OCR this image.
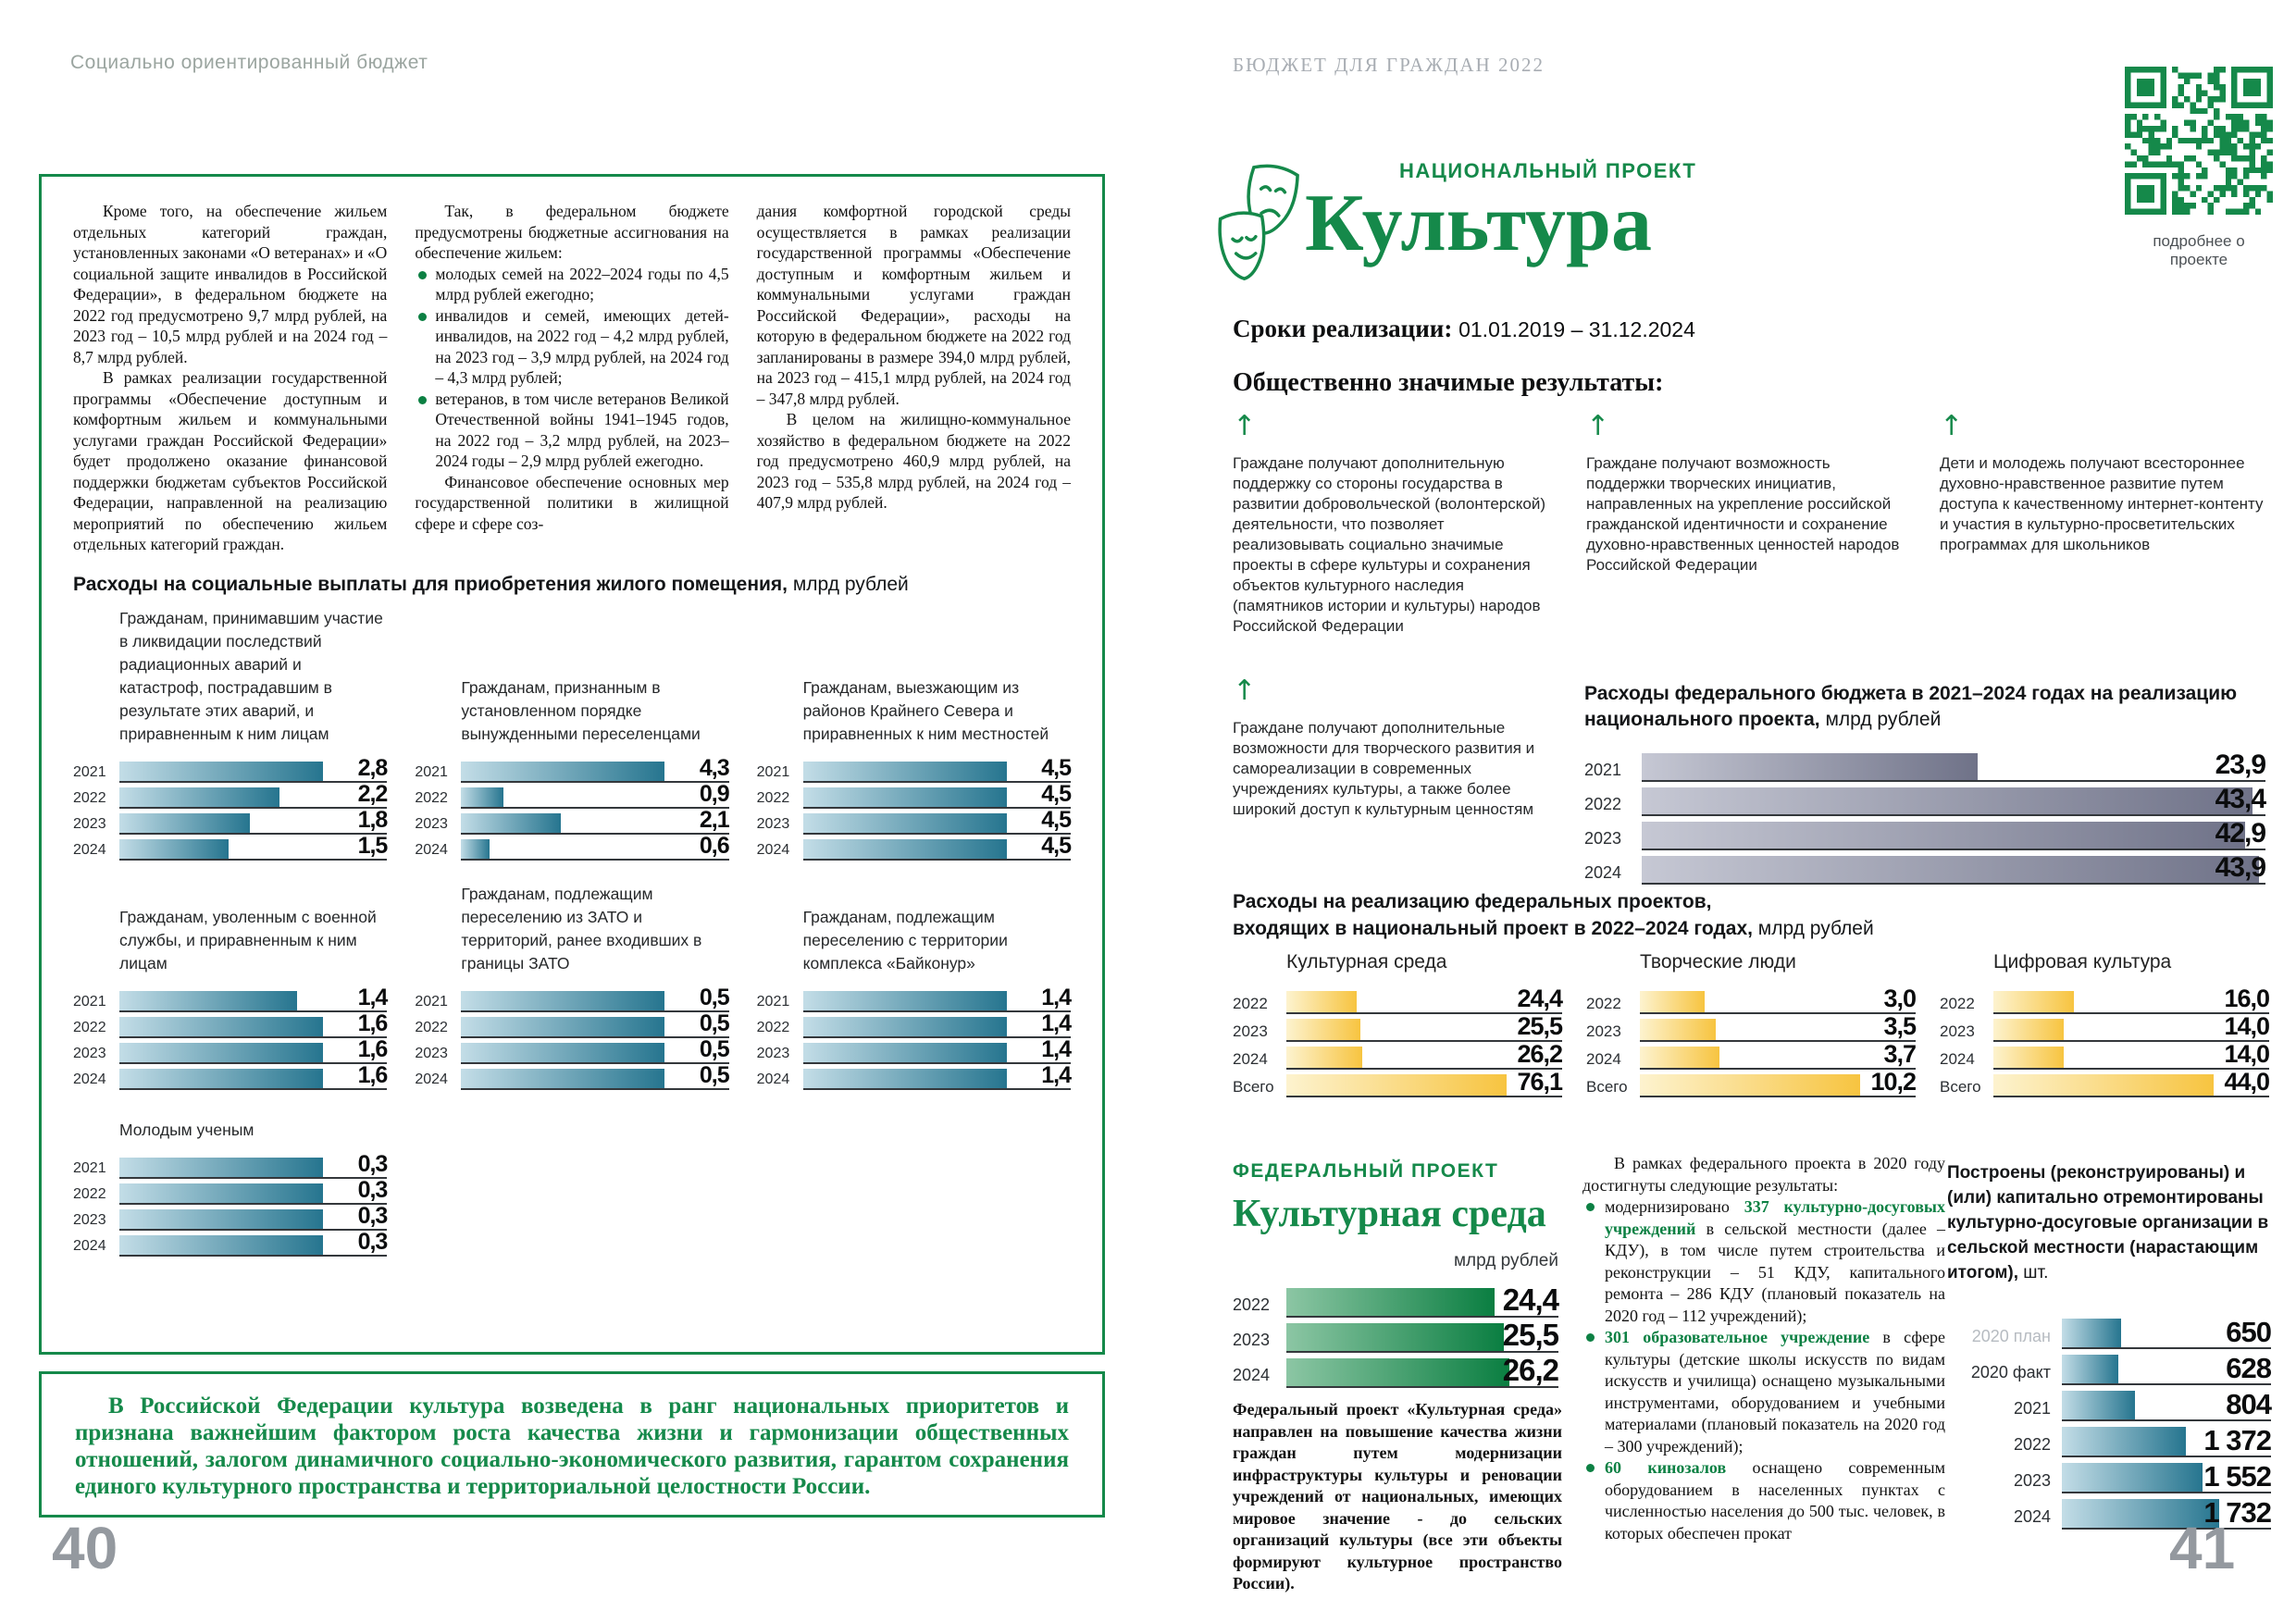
Социально ориентированный бюджет

Кроме того, на обеспечение жильем отдельных категорий граждан, установленных законами «О ветеранах» и «О социальной защите инвалидов в Российской Федерации», в федеральном бюджете на 2022 год предусмотрено 9,7 млрд рублей, на 2023 год – 10,5 млрд рублей и на 2024 год – 8,7 млрд рублей.

В рамках реализации государственной программы «Обеспечение доступным и комфортным жильем и коммунальными услугами граждан Российской Федерации» будет продолжено оказание финансовой поддержки бюджетам субъектов Российской Федерации, направленной на реализацию мероприятий по обеспечению жильем отдельных категорий граждан.

Так, в федеральном бюджете предусмотрены бюджетные ассигнования на обеспечение жильем:

молодых семей на 2022–2024 годы по 4,5 млрд рублей ежегодно;
инвалидов и семей, имеющих детей-инвалидов, на 2022 год – 4,2 млрд рублей, на 2023 год – 3,9 млрд рублей, на 2024 год – 4,3 млрд рублей;
ветеранов, в том числе ветеранов Великой Отечественной войны 1941–1945 годов, на 2022 год – 3,2 млрд рублей, на 2023–2024 годы – 2,9 млрд рублей ежегодно.

Финансовое обеспечение основных мер государственной политики в жилищной сфере и сфере соз-

дания комфортной городской среды осуществляется в рамках реализации государственной программы «Обеспечение доступным и комфортным жильем и коммунальными услугами граждан Российской Федерации», расходы на которую в федеральном бюджете на 2022 год запланированы в размере 394,0 млрд рублей, на 2023 год – 415,1 млрд рублей, на 2024 год – 347,8 млрд рублей.

В целом на жилищно-коммунальное хозяйство в федеральном бюджете на 2022 год предусмотрено 460,9 млрд рублей, на 2023 год – 535,8 млрд рублей, на 2024 год – 407,9 млрд рублей.

Расходы на социальные выплаты для приобретения жилого помещения, млрд рублей
Гражданам, принимавшим участие в ликвидации последствий радиационных аварий и катастроф, пострадавшим в результате этих аварий, и приравненным к ним лицам
Гражданам, признанным в установленном порядке вынужденными переселенцами
Гражданам, выезжающим из районов Крайнего Севера и приравненных к ним местностей
2021	2,8
2022	2,2
2023	1,8
2024	1,5
2021	4,3
2022	0,9
2023	2,1
2024	0,6
2021	4,5
2022	4,5
2023	4,5
2024	4,5
Гражданам, уволенным с военной службы, и приравненным к ним лицам
Гражданам, подлежащим переселению из ЗАТО и территорий, ранее входивших в границы ЗАТО
Гражданам, подлежащим переселению с территории комплекса «Байконур»
2021	1,4
2022	1,6
2023	1,6
2024	1,6
2021	0,5
2022	0,5
2023	0,5
2024	0,5
2021	1,4
2022	1,4
2023	1,4
2024	1,4
Молодым ученым
2021	0,3
2022	0,3
2023	0,3
2024	0,3

В Российской Федерации культура возведена в ранг национальных приоритетов и признана важнейшим фактором роста качества жизни и гармонизации общественных отношений, залогом динамичного социально-экономического развития, гарантом сохранения единого культурного пространства и территориальной целостности России.

40
БЮДЖЕТ ДЛЯ ГРАЖДАН 2022
подробнее о проекте
НАЦИОНАЛЬНЫЙ ПРОЕКТ
Культура
Сроки реализации: 01.01.2019 – 31.12.2024
Общественно значимые результаты:
↑
Граждане получают дополнительную поддержку со стороны государства в развитии добровольческой (волонтерской) деятельности, что позволяет реализовывать социально значимые проекты в сфере культуры и сохранения объектов культурного наследия (памятников истории и культуры) народов Российской Федерации
↑
Граждане получают возможность поддержки творческих инициатив, направленных на укрепление российской гражданской идентичности и сохранение духовно-нравственных ценностей народов Российской Федерации
↑
Дети и молодежь получают всестороннее духовно-нравственное развитие путем доступа к качественному интернет-контенту и участия в культурно-просветительских программах для школьников
↑
Граждане получают дополнительные возможности для творческого развития и самореализации в современных учреждениях культуры, а также более широкий доступ к культурным ценностям
Расходы федерального бюджета в 2021–2024 годах на реализацию национального проекта, млрд рублей
2021	23,9
2022	43,4
2023	42,9
2024	43,9
Расходы на реализацию федеральных проектов,
входящих в национальный проект в 2022–2024 годах, млрд рублей
Культурная среда
2022	24,4
2023	25,5
2024	26,2
Всего	76,1
Творческие люди
2022	3,0
2023	3,5
2024	3,7
Всего	10,2
Цифровая культура
2022	16,0
2023	14,0
2024	14,0
Всего	44,0
ФЕДЕРАЛЬНЫЙ ПРОЕКТ
Культурная среда
млрд рублей
2022	24,4
2023	25,5
2024	26,2
Федеральный проект «Культурная среда» направлен на повышение качества жизни граждан путем модернизации инфраструктуры культуры и реновации учреждений от национальных, имеющих мировое значение - до сельских организаций культуры (все эти объекты формируют культурное пространство России).

В рамках федерального проекта в 2020 году достигнуты следующие результаты:

модернизировано 337 культурно-досуговых учреждений в сельской местности (далее – КДУ), в том числе путем строительства и реконструкции – 51 КДУ, капитального ремонта – 286 КДУ (плановый показатель на 2020 год – 112 учреждений);
301 образовательное учреждение в сфере культуры (детские школы искусств по видам искусств и училища) оснащено музыкальными инструментами, оборудованием и учебными материалами (плановый показатель на 2020 год – 300 учреждений);
60 кинозалов оснащено современным оборудованием в населенных пунктах с численностью населения до 500 тыс. человек, в которых обеспечен прокат
Построены (реконструированы) и (или) капитально отремонтированы культурно-досуговые организации в сельской местности (нарастающим итогом), шт.
2020 план	650
2020 факт	628
2021	804
2022	1 372
2023	1 552
2024	1 732
41
